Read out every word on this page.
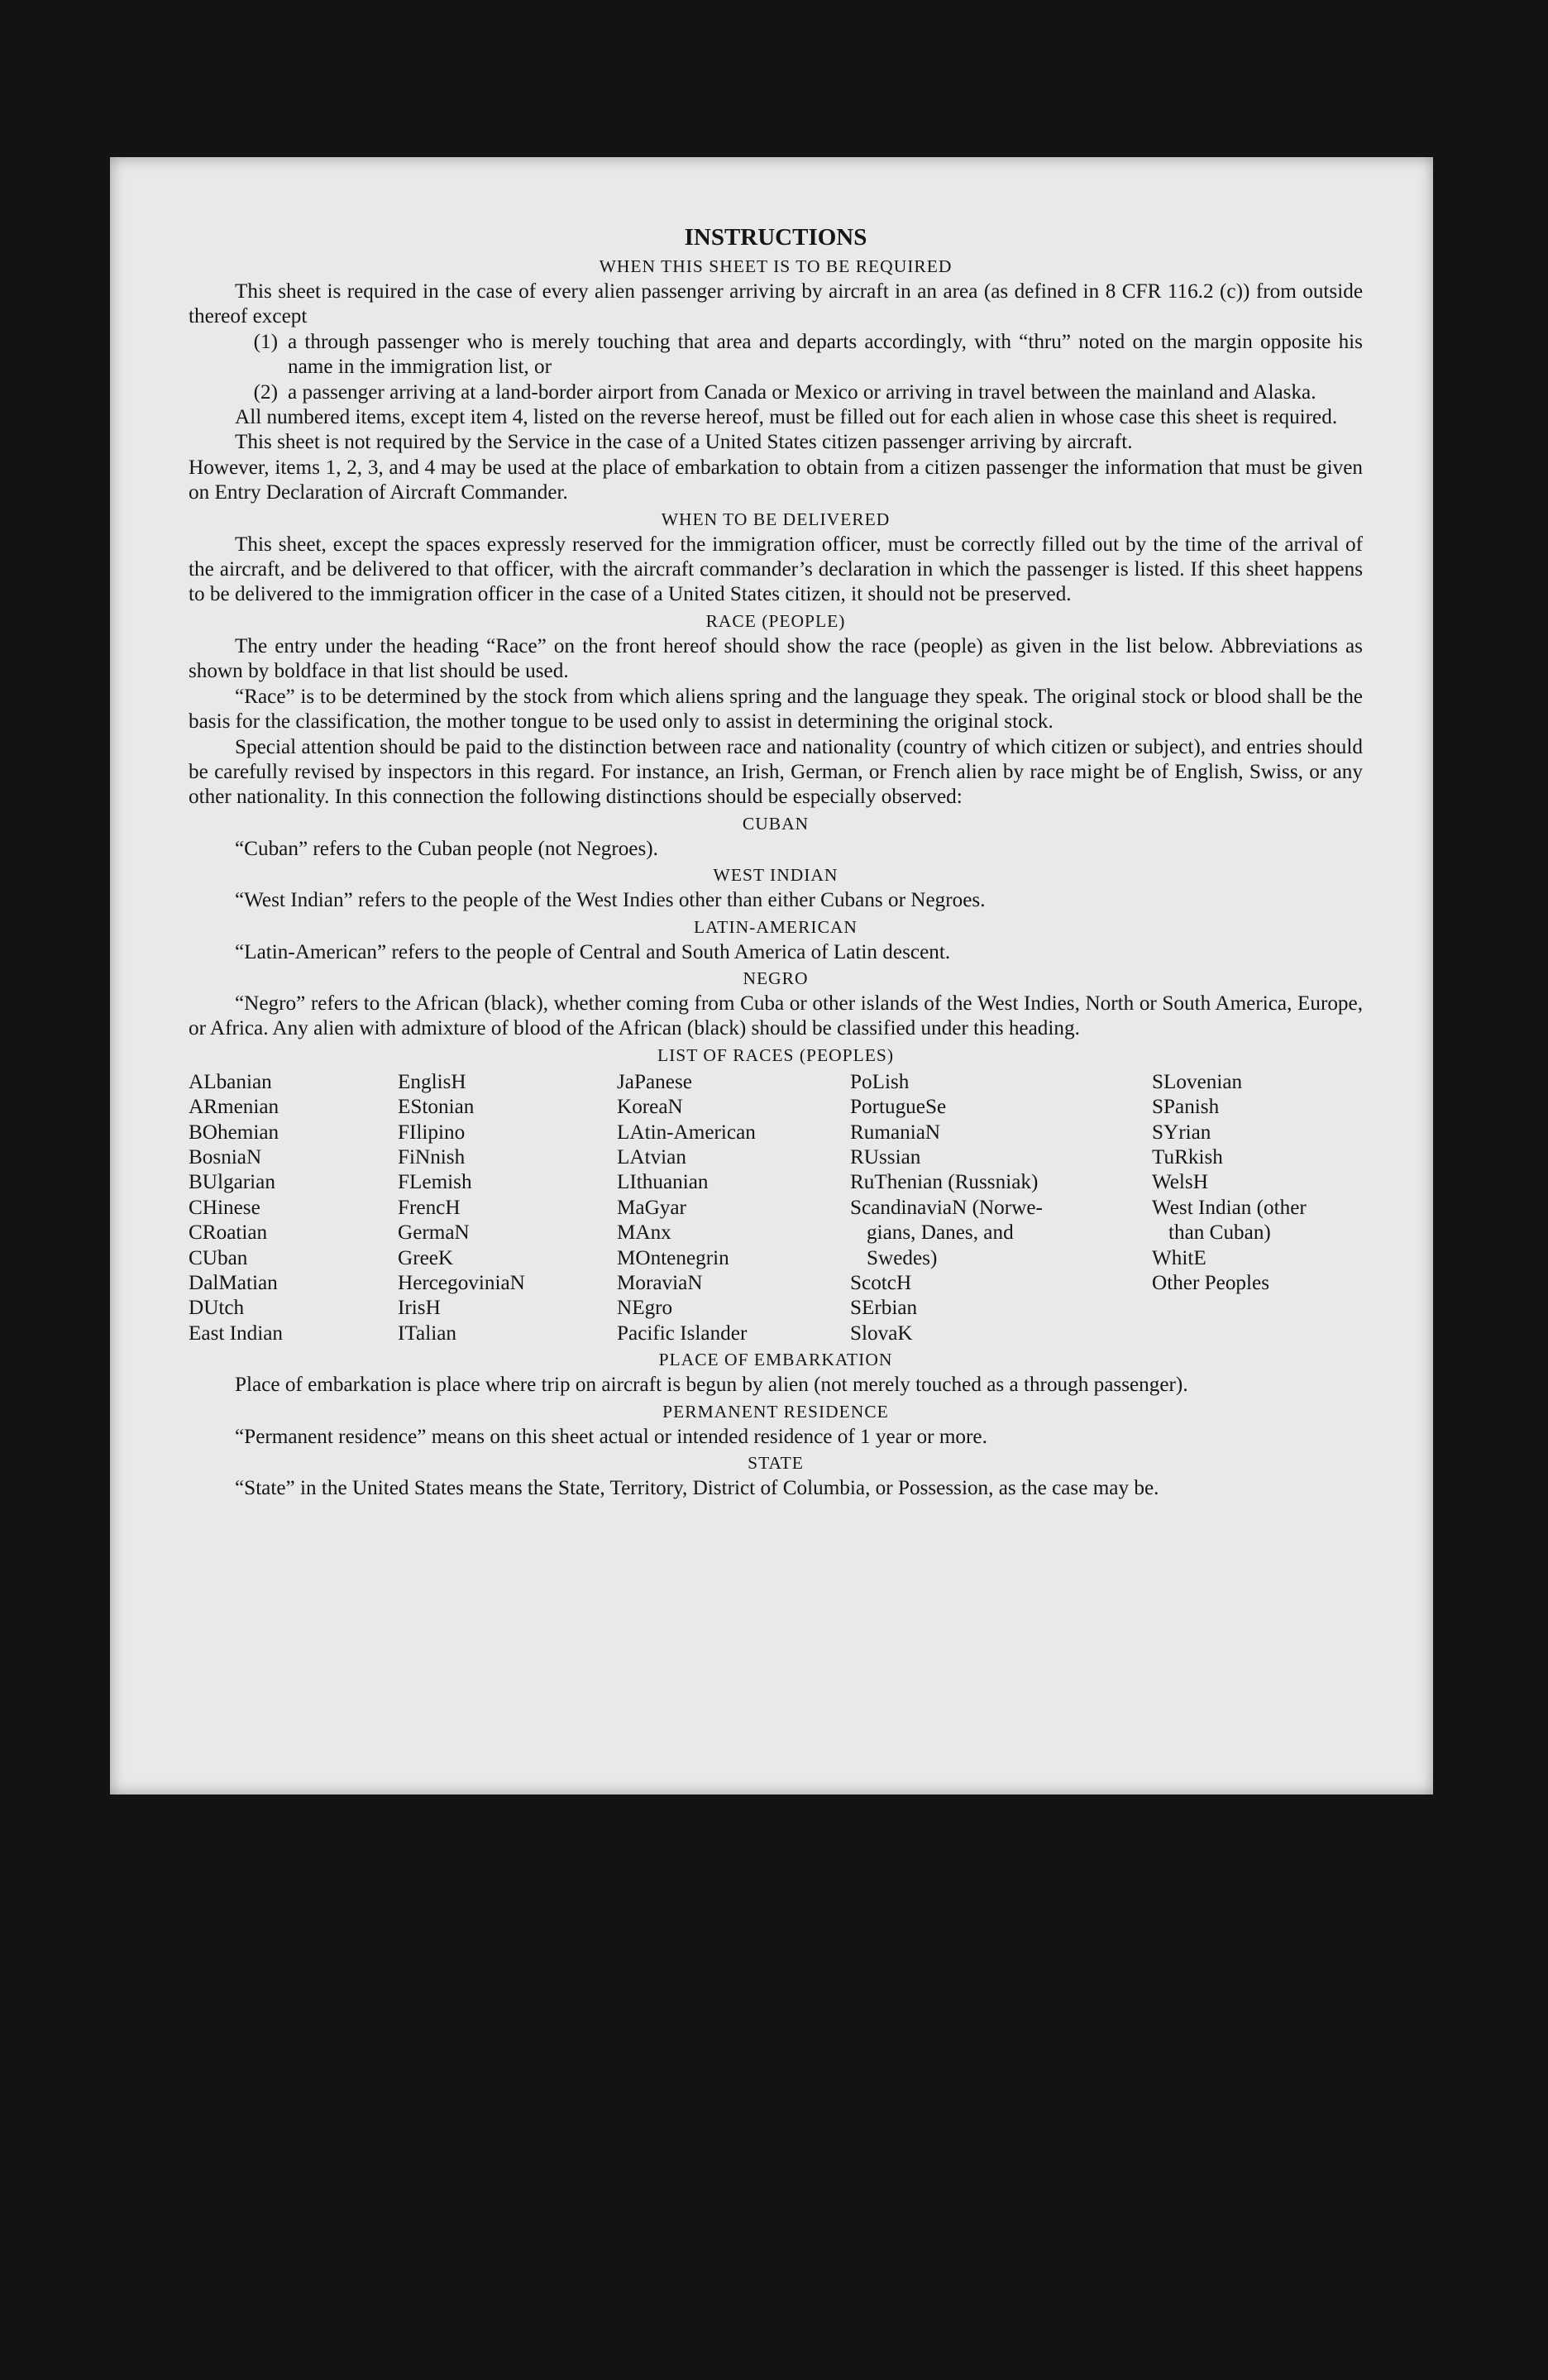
INSTRUCTIONS

WHEN THIS SHEET IS TO BE REQUIRED

This sheet is required in the case of every alien passenger arriving by aircraft in an area (as defined in 8 CFR 116.2 (c)) from outside thereof except

(1) a through passenger who is merely touching that area and departs accordingly, with “thru” noted on the margin opposite his name in the immigration list, or
(2) a passenger arriving at a land-border airport from Canada or Mexico or arriving in travel between the mainland and Alaska.

All numbered items, except item 4, listed on the reverse hereof, must be filled out for each alien in whose case this sheet is required.

This sheet is not required by the Service in the case of a United States citizen passenger arriving by aircraft.

However, items 1, 2, 3, and 4 may be used at the place of embarkation to obtain from a citizen passenger the information that must be given on Entry Declaration of Aircraft Commander.

WHEN TO BE DELIVERED

This sheet, except the spaces expressly reserved for the immigration officer, must be correctly filled out by the time of the arrival of the aircraft, and be delivered to that officer, with the aircraft commander’s declaration in which the passenger is listed. If this sheet happens to be delivered to the immigration officer in the case of a United States citizen, it should not be preserved.

RACE (PEOPLE)

The entry under the heading “Race” on the front hereof should show the race (people) as given in the list below. Abbreviations as shown by boldface in that list should be used.

“Race” is to be determined by the stock from which aliens spring and the language they speak. The original stock or blood shall be the basis for the classification, the mother tongue to be used only to assist in determining the original stock.

Special attention should be paid to the distinction between race and nationality (country of which citizen or subject), and entries should be carefully revised by inspectors in this regard. For instance, an Irish, German, or French alien by race might be of English, Swiss, or any other nationality. In this connection the following distinctions should be especially observed:

CUBAN

“Cuban” refers to the Cuban people (not Negroes).

WEST INDIAN

“West Indian” refers to the people of the West Indies other than either Cubans or Negroes.

LATIN-AMERICAN

“Latin-American” refers to the people of Central and South America of Latin descent.

NEGRO

“Negro” refers to the African (black), whether coming from Cuba or other islands of the West Indies, North or South America, Europe, or Africa. Any alien with admixture of blood of the African (black) should be classified under this heading.

LIST OF RACES (PEOPLES)

ALbanian
ARmenian
BOhemian
BosniaN
BUlgarian
CHinese
CRoatian
CUban
DalMatian
DUtch
East Indian
EnglisH
EStonian
FIlipino
FiNnish
FLemish
FrencH
GermaN
GreeK
HercegoviniaN
IrisH
ITalian
JaPanese
KoreaN
LAtin-American
LAtvian
LIthuanian
MaGyar
MAnx
MOntenegrin
MoraviaN
NEgro
Pacific Islander
PoLish
PortugueSe
RumaniaN
RUssian
RuThenian (Russniak)
ScandinaviaN (Norwe-
gians, Danes, and
Swedes)
ScotcH
SErbian
SlovaK
SLovenian
SPanish
SYrian
TuRkish
WelsH
West Indian (other
than Cuban)
WhitE
Other Peoples

PLACE OF EMBARKATION

Place of embarkation is place where trip on aircraft is begun by alien (not merely touched as a through passenger).

PERMANENT RESIDENCE

“Permanent residence” means on this sheet actual or intended residence of 1 year or more.

STATE

“State” in the United States means the State, Territory, District of Columbia, or Possession, as the case may be.
